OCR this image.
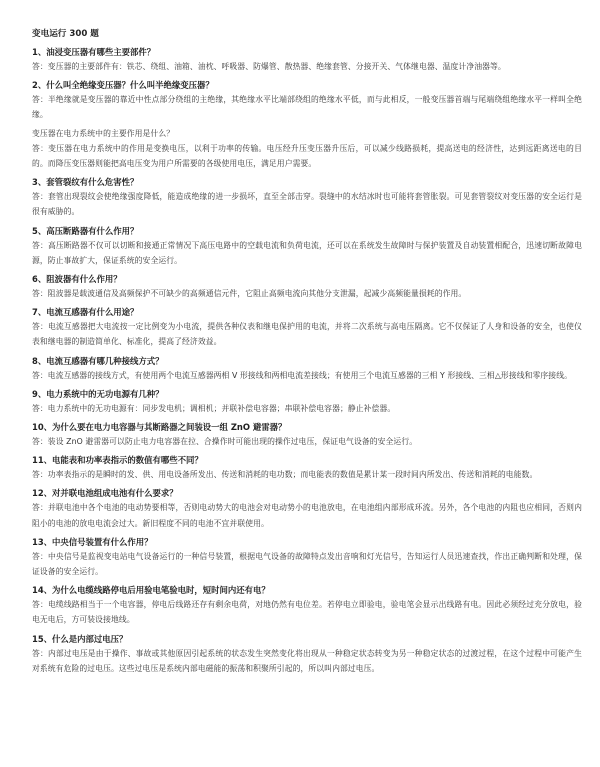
变电运行 300 题
1、油浸变压器有哪些主要部件？
答：变压器的主要部件有：铁芯、绕组、油箱、油枕、呼吸器、防爆管、散热器、绝缘套管、分接开关、气体继电器、温度计净油器等。
2、什么叫全绝缘变压器？什么叫半绝缘变压器？
答：半绝缘就是变压器的靠近中性点部分绕组的主绝缘，其绝缘水平比端部绕组的绝缘水平低，而与此相反，一般变压器首端与尾端绕组绝缘水平一样叫全绝缘。
变压器在电力系统中的主要作用是什么？
答：变压器在电力系统中的作用是变换电压，以利于功率的传输。电压经升压变压器升压后，可以减少线路损耗，提高送电的经济性，达到远距离送电的目的。而降压变压器则能把高电压变为用户所需要的各级使用电压，满足用户需要。
3、套管裂纹有什么危害性？
答：套管出现裂纹会使绝缘强度降低，能造成绝缘的进一步损坏，直至全部击穿。裂缝中的水结冰时也可能将套管胀裂。可见套管裂纹对变压器的安全运行是很有威胁的。
5、高压断路器有什么作用？
答：高压断路器不仅可以切断和接通正常情况下高压电路中的空载电流和负荷电流，还可以在系统发生故障时与保护装置及自动装置相配合，迅速切断故障电源，防止事故扩大，保证系统的安全运行。
6、阻波器有什么作用？
答：阻波器是载波通信及高频保护不可缺少的高频通信元件，它阻止高频电流向其他分支泄漏，起减少高频能量损耗的作用。
7、电流互感器有什么用途？
答：电流互感器把大电流按一定比例变为小电流，提供各种仪表和继电保护用的电流，并将二次系统与高电压隔离。它不仅保证了人身和设备的安全，也使仪表和继电器的制造简单化、标准化，提高了经济效益。
8、电流互感器有哪几种接线方式？
答：电流互感器的接线方式，有使用两个电流互感器两相 V 形接线和两相电流差接线；有使用三个电流互感器的三相 Y 形接线、三相△形接线和零序接线。
9、电力系统中的无功电源有几种？
答：电力系统中的无功电源有：同步发电机；调相机；并联补偿电容器；串联补偿电容器；静止补偿器。
10、为什么要在电力电容器与其断路器之间装设一组 ZnO 避雷器？
答：装设 ZnO 避雷器可以防止电力电容器在拉、合操作时可能出现的操作过电压，保证电气设备的安全运行。
11、电能表和功率表指示的数值有哪些不同？
答：功率表指示的是瞬时的发、供、用电设备所发出、传送和消耗的电功数；而电能表的数值是累计某一段时间内所发出、传送和消耗的电能数。
12、对并联电池组成电池有什么要求？
答：并联电池中各个电池的电动势要相等，否则电动势大的电池会对电动势小的电池放电，在电池组内部形成环流。另外，各个电池的内阻也应相同，否则内阻小的电池的放电电流会过大。新旧程度不同的电池不宜并联使用。
13、中央信号装置有什么作用？
答：中央信号是监视变电站电气设备运行的一种信号装置，根据电气设备的故障特点发出音响和灯光信号，告知运行人员迅速查找，作出正确判断和处理，保证设备的安全运行。
14、为什么电缆线路停电后用验电笔验电时，短时间内还有电？
答：电缆线路相当于一个电容器，停电后线路还存有剩余电荷，对地仍然有电位差。若停电立即验电，验电笔会显示出线路有电。因此必须经过充分放电，验电无电后，方可装设接地线。
15、什么是内部过电压？
答：内部过电压是由于操作、事故或其他原因引起系统的状态发生突然变化将出现从一种稳定状态转变为另一种稳定状态的过渡过程，在这个过程中可能产生对系统有危险的过电压。这些过电压是系统内部电磁能的振荡和积聚所引起的，所以叫内部过电压。
